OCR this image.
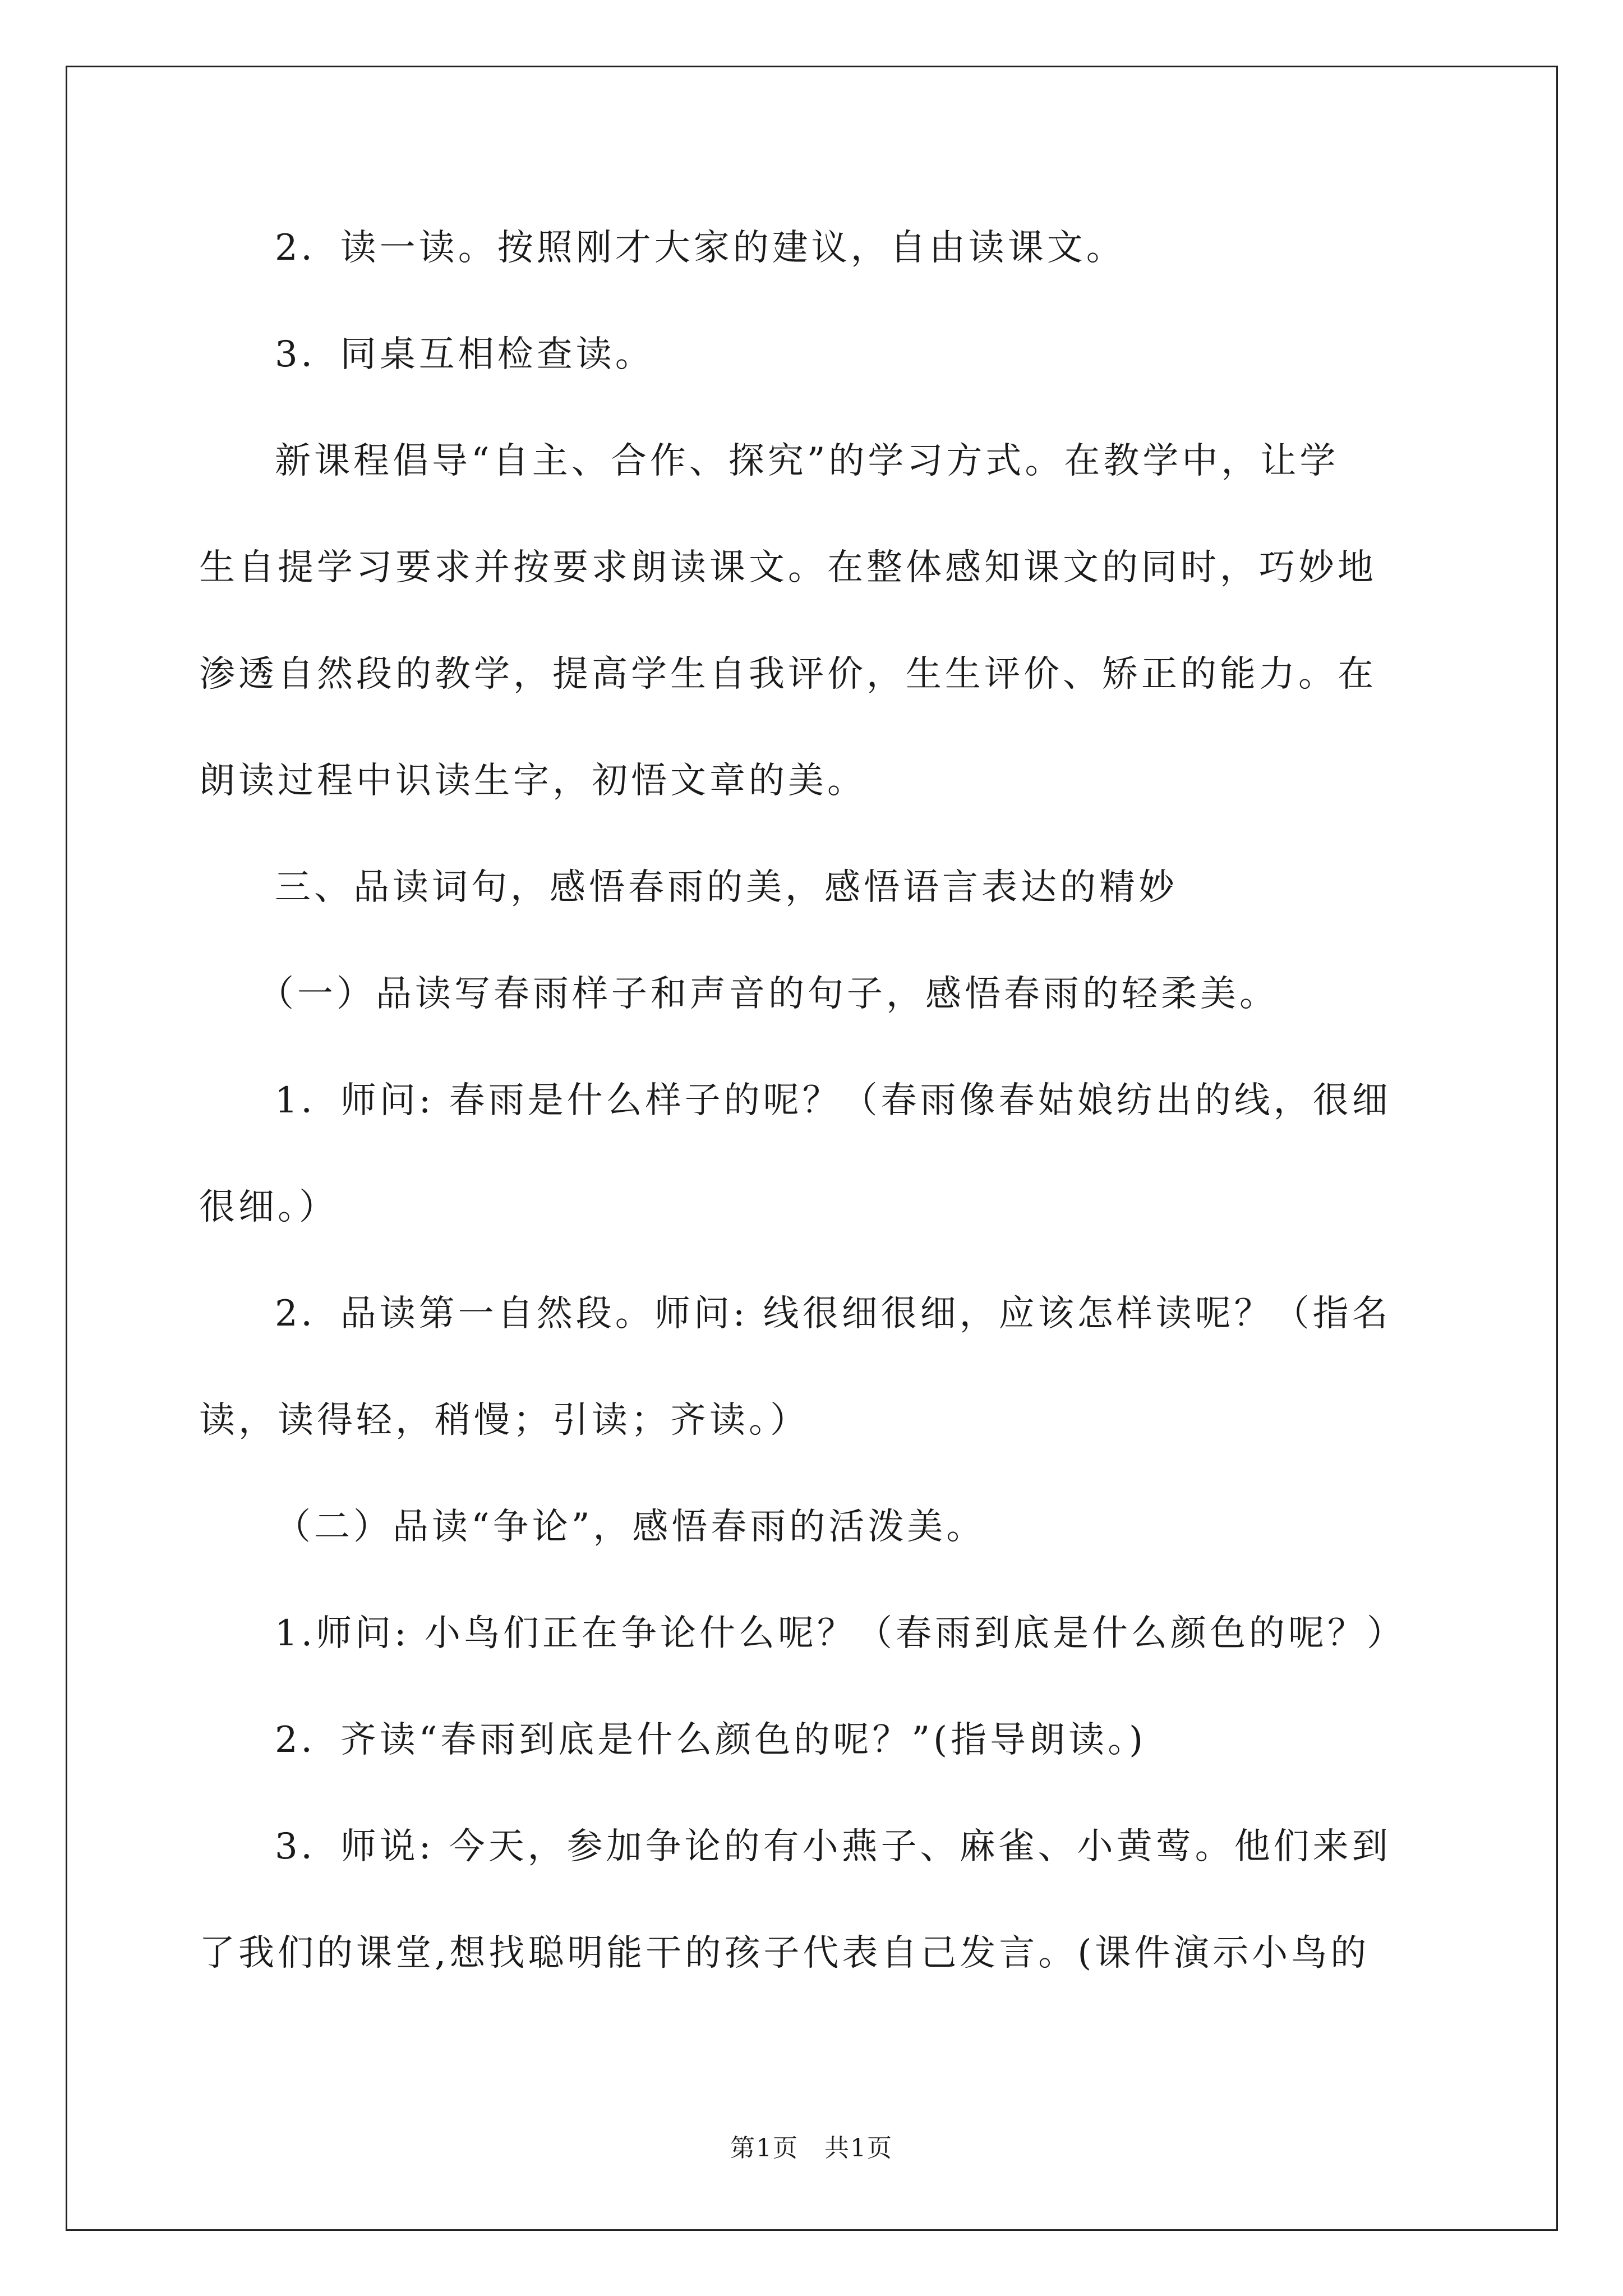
2．读一读。按照刚才大家的建议，自由读课文。

3．同桌互相检查读。

新课程倡导“自主、合作、探究”的学习方式。在教学中，让学

生自提学习要求并按要求朗读课文。在整体感知课文的同时，巧妙地

渗透自然段的教学，提高学生自我评价，生生评价、矫正的能力。在

朗读过程中识读生字，初悟文章的美。

三、品读词句，感悟春雨的美，感悟语言表达的精妙

（一）品读写春雨样子和声音的句子，感悟春雨的轻柔美。

1．师问: 春雨是什么样子的呢？（春雨像春姑娘纺出的线，很细

很细。）

2．品读第一自然段。师问: 线很细很细，应该怎样读呢？（指名

读，读得轻，稍慢；引读；齐读。）

（二）品读“争论”，感悟春雨的活泼美。

1.师问: 小鸟们正在争论什么呢？（春雨到底是什么颜色的呢？）

2．齐读“春雨到底是什么颜色的呢？”(指导朗读。)

3．师说: 今天，参加争论的有小燕子、麻雀、小黄莺。他们来到

了我们的课堂,想找聪明能干的孩子代表自己发言。(课件演示小鸟的

第1页　共1页
